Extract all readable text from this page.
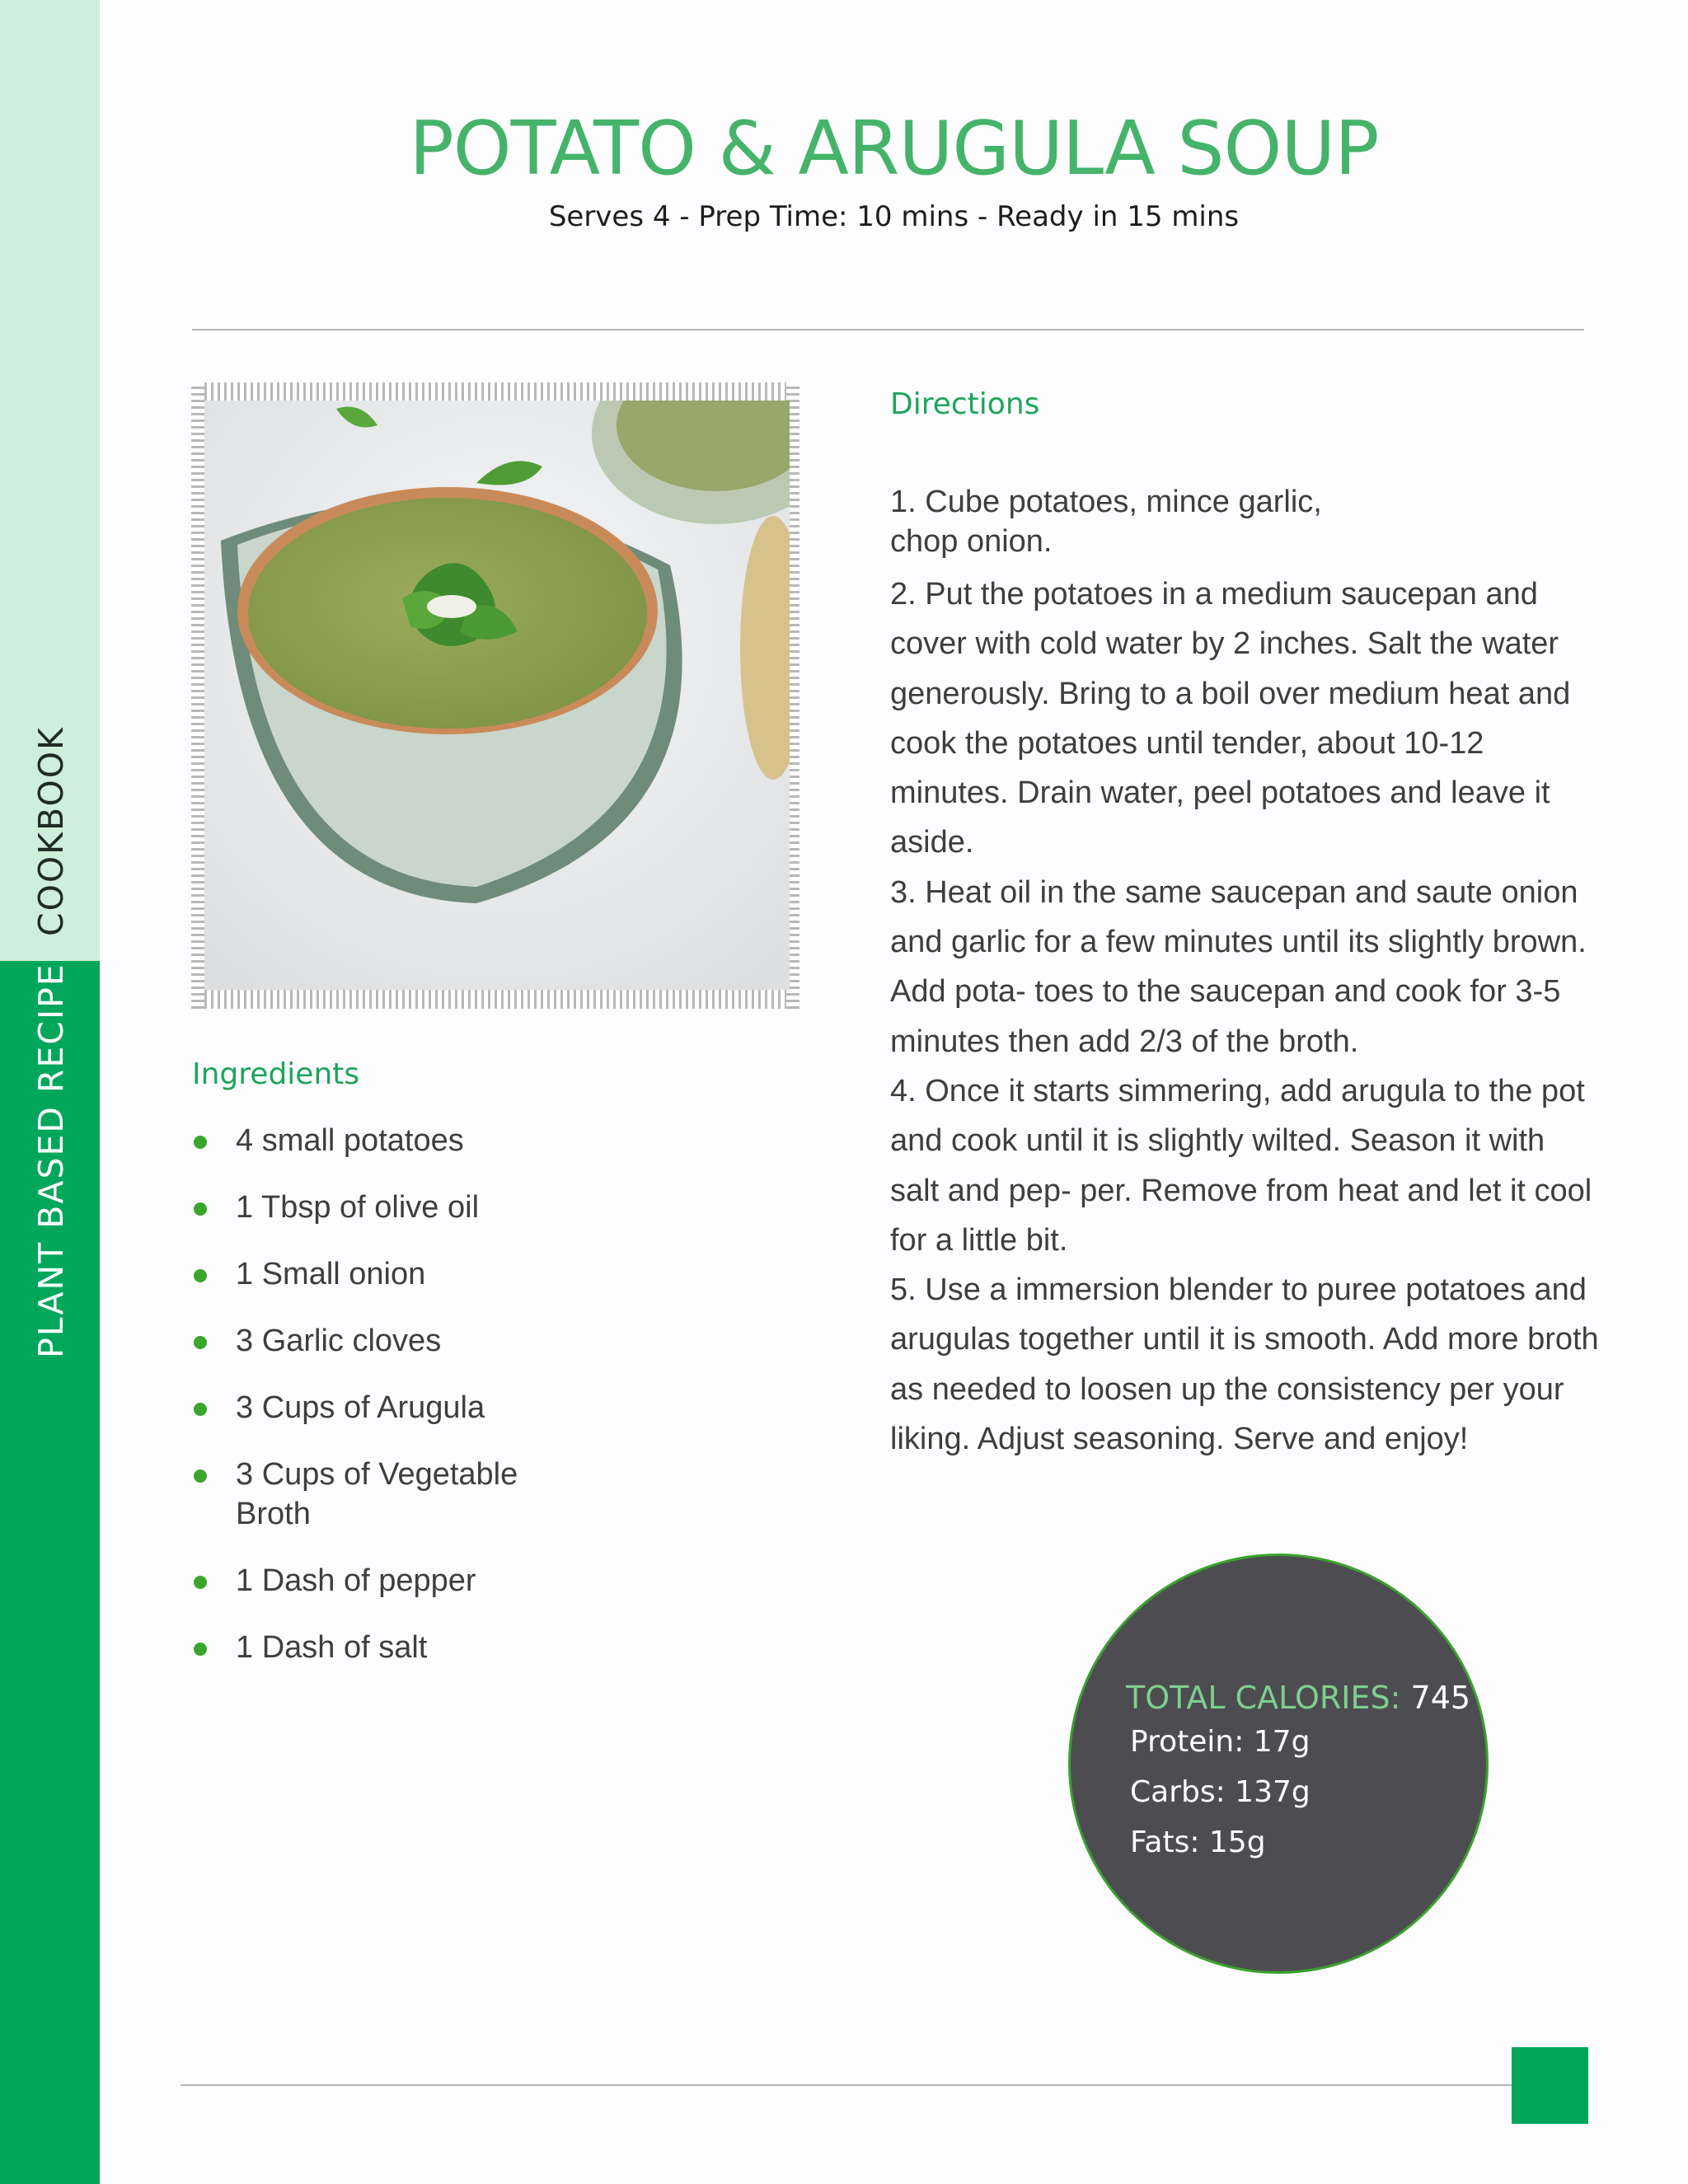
COOKBOOK
PLANT BASED RECIPE
POTATO & ARUGULA SOUP
Serves 4 - Prep Time: 10 mins - Ready in 15 mins
Directions
1. Cube potatoes, mince garlic, chop onion.
2. Put the potatoes in a medium saucepan and cover with cold water by 2 inches. Salt the water generously. Bring to a boil over medium heat and cook the potatoes until tender, about 10-12 minutes. Drain water, peel potatoes and leave it aside.
3. Heat oil in the same saucepan and saute onion and garlic for a few minutes until its slightly brown. Add pota- toes to the saucepan and cook for 3-5 minutes then add 2/3 of the broth.
4. Once it starts simmering, add arugula to the pot and cook until it is slightly wilted. Season it with salt and pep- per. Remove from heat and let it cool for a little bit.
5. Use a immersion blender to puree potatoes and arugulas together until it is smooth. Add more broth as needed to loosen up the consistency per your liking. Adjust seasoning. Serve and enjoy!
Ingredients
4 small potatoes
1 Tbsp of olive oil
1 Small onion
3 Garlic cloves
3 Cups of Arugula
3 Cups of Vegetable Broth
1 Dash of pepper
1 Dash of salt
TOTAL CALORIES: 745
Protein: 17g
Carbs: 137g
Fats: 15g
